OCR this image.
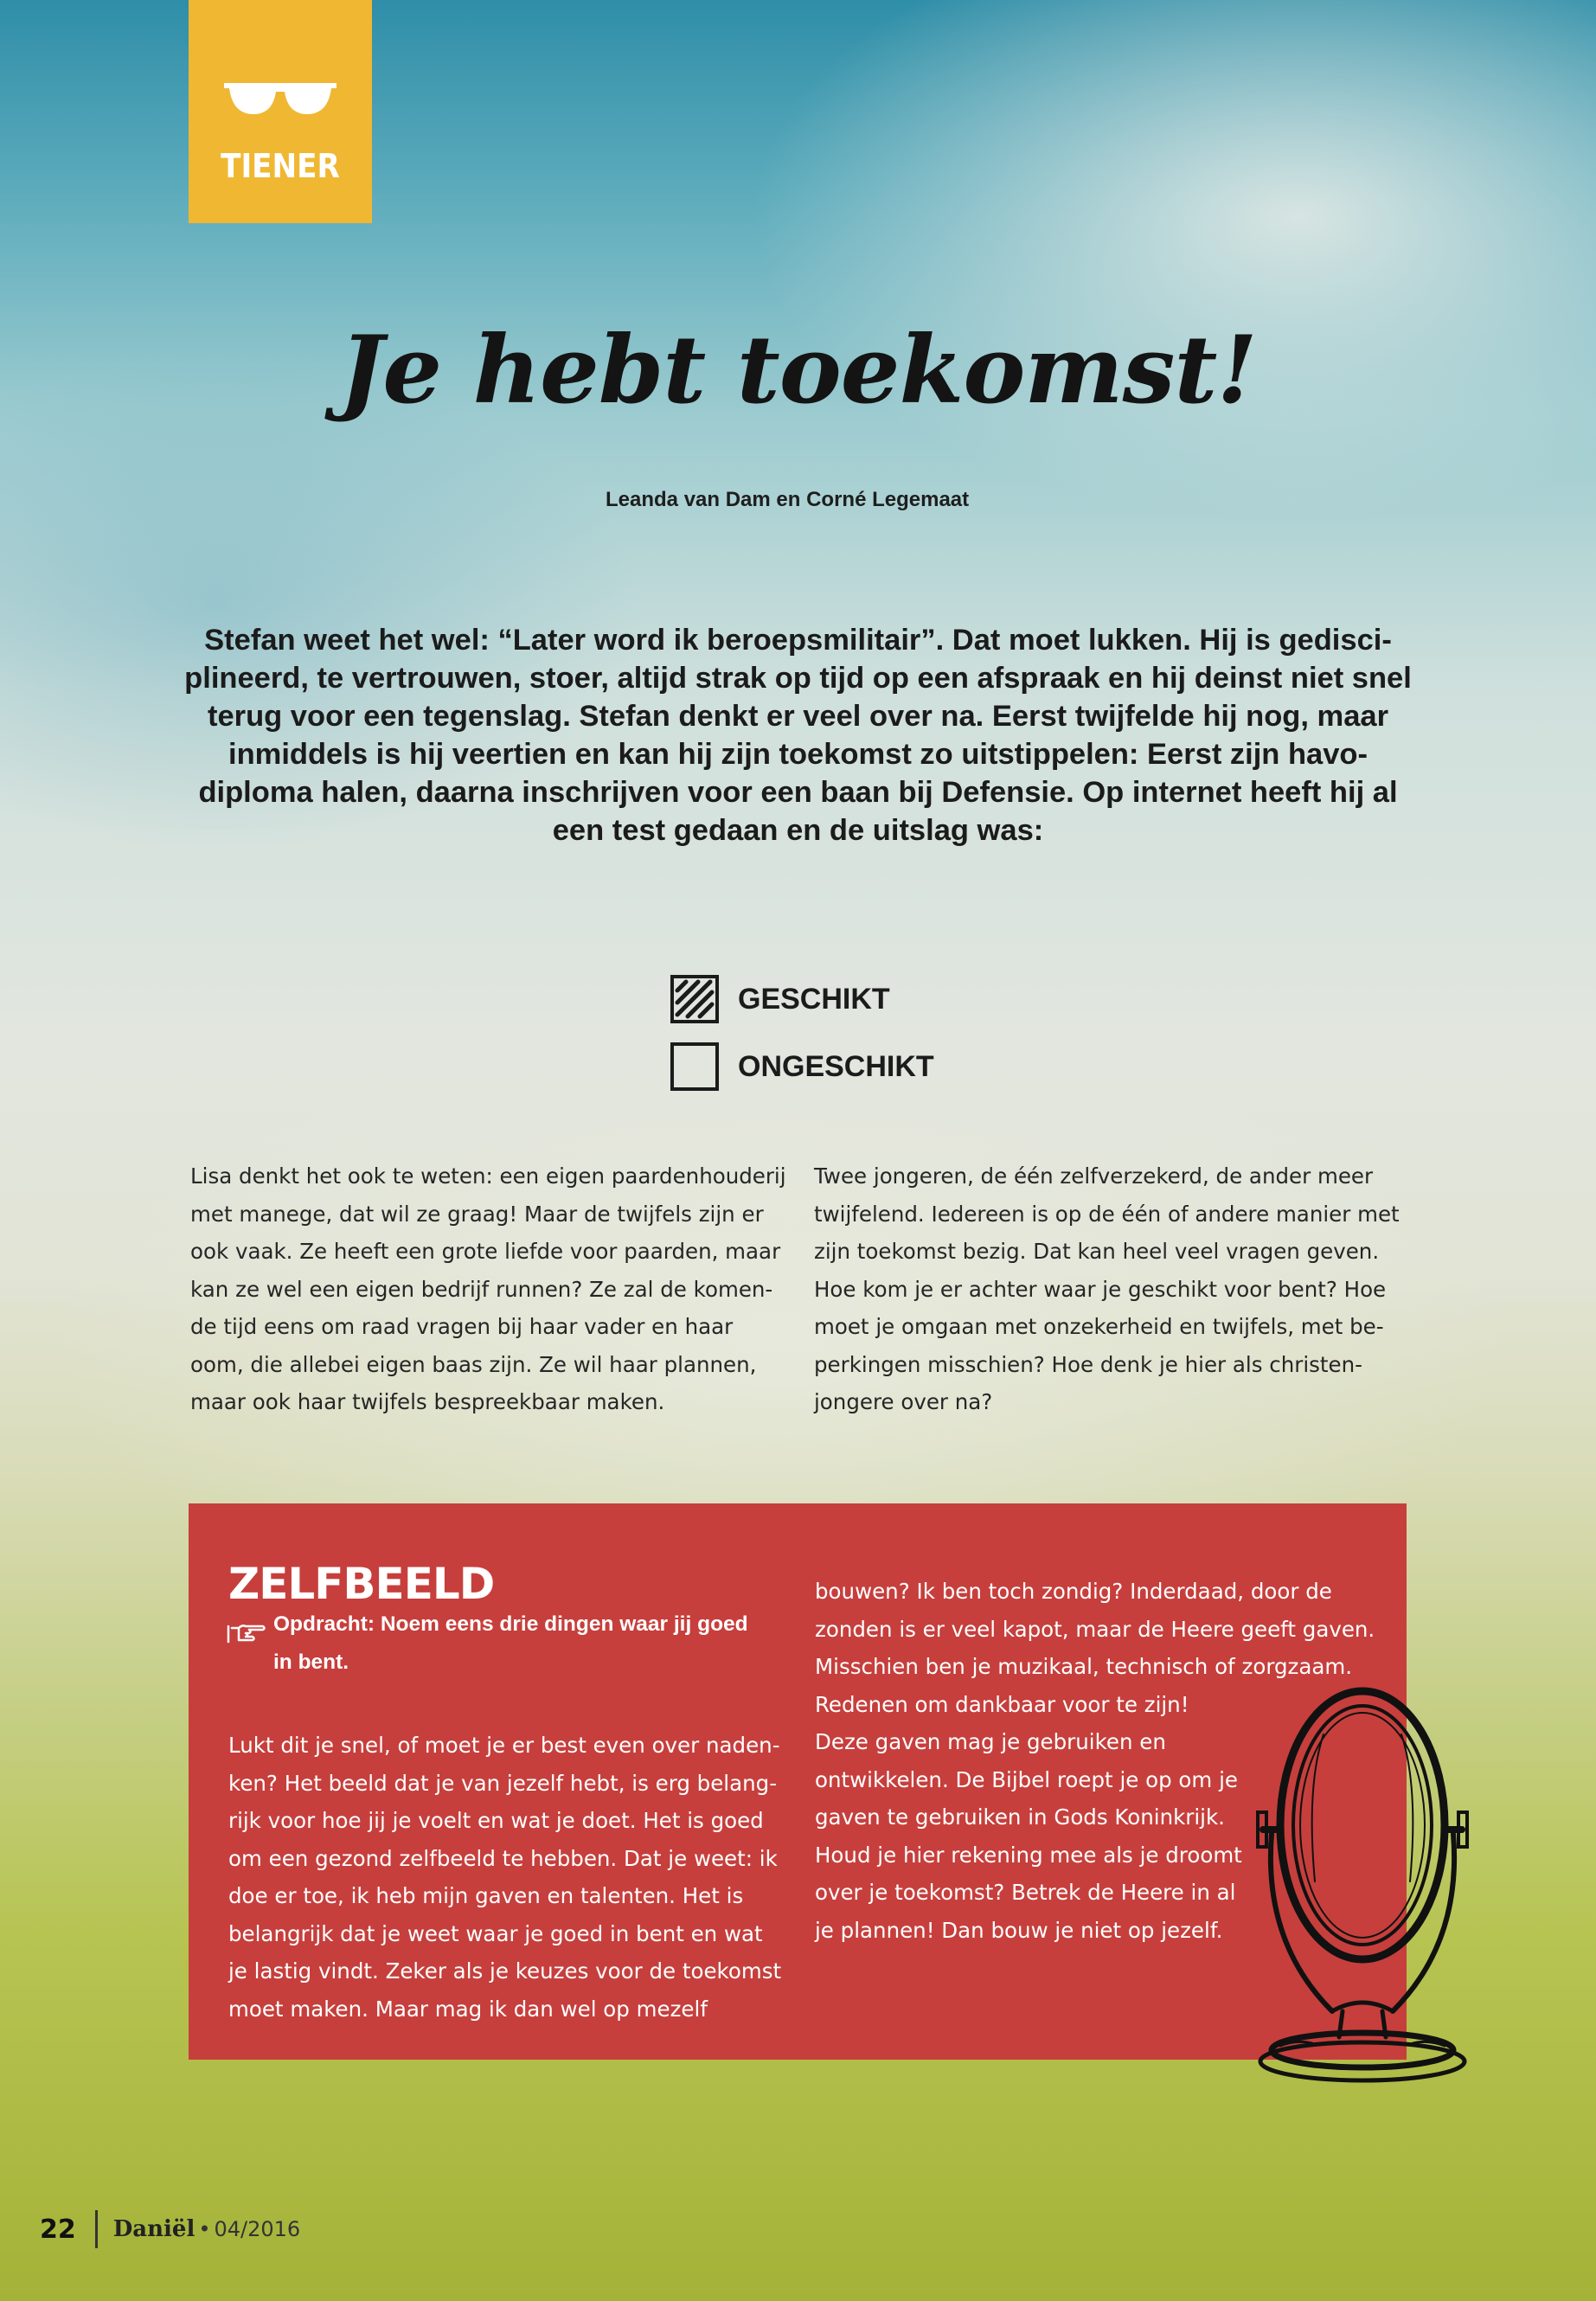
TIENER
Je hebt toekomst!
Leanda van Dam en Corné Legemaat
Stefan weet het wel: “Later word ik beroepsmilitair”. Dat moet lukken. Hij is gedisciplineerd, te vertrouwen, stoer, altijd strak op tijd op een afspraak en hij deinst niet snel terug voor een tegenslag. Stefan denkt er veel over na. Eerst twijfelde hij nog, maar inmiddels is hij veertien en kan hij zijn toekomst zo uitstippelen: Eerst zijn havodiploma halen, daarna inschrijven voor een baan bij Defensie. Op internet heeft hij al een test gedaan en de uitslag was:
GESCHIKT
ONGESCHIKT

Lisa denkt het ook te weten: een eigen paardenhouderij met manege, dat wil ze graag! Maar de twijfels zijn er ook vaak. Ze heeft een grote liefde voor paarden, maar kan ze wel een eigen bedrijf runnen? Ze zal de komende tijd eens om raad vragen bij haar vader en haar oom, die allebei eigen baas zijn. Ze wil haar plannen, maar ook haar twijfels bespreekbaar maken.

Twee jongeren, de één zelfverzekerd, de ander meer twijfelend. Iedereen is op de één of andere manier met zijn toekomst bezig. Dat kan heel veel vragen geven. Hoe kom je er achter waar je geschikt voor bent? Hoe moet je omgaan met onzekerheid en twijfels, met beperkingen misschien? Hoe denk je hier als christenjongere over na?

ZELFBEELD
Opdracht: Noem eens drie dingen waar jij goed in bent.
Lukt dit je snel, of moet je er best even over nadenken? Het beeld dat je van jezelf hebt, is erg belangrijk voor hoe jij je voelt en wat je doet. Het is goed om een gezond zelfbeeld te hebben. Dat je weet: ik doe er toe, ik heb mijn gaven en talenten. Het is belangrijk dat je weet waar je goed in bent en wat je lastig vindt. Zeker als je keuzes voor de toekomst moet maken. Maar mag ik dan wel op mezelf
bouwen? Ik ben toch zondig? Inderdaad, door de zonden is er veel kapot, maar de Heere geeft gaven. Misschien ben je muzikaal, technisch of zorgzaam. Redenen om dankbaar voor te zijn!
Deze gaven mag je gebruiken en ontwikkelen. De Bijbel roept je op om je gaven te gebruiken in Gods Koninkrijk. Houd je hier rekening mee als je droomt over je toekomst? Betrek de Heere in al je plannen! Dan bouw je niet op jezelf.
22 Daniël • 04/2016
